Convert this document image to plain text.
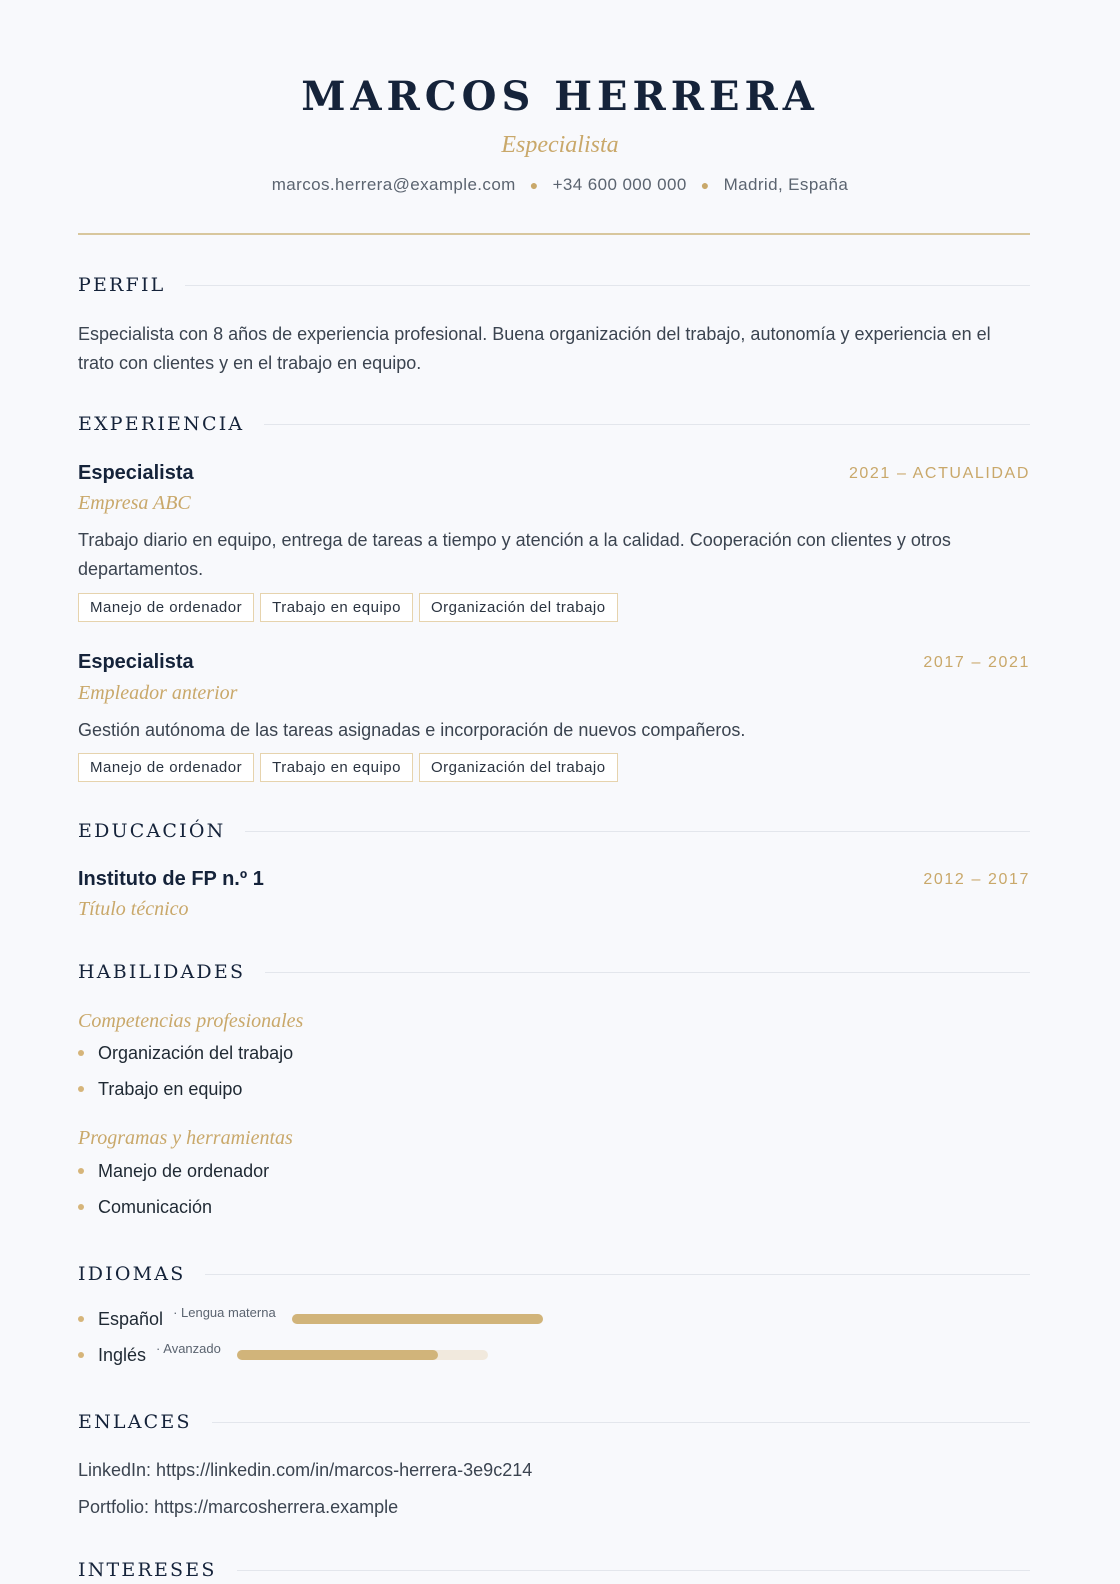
MARCOS HERRERA
Especialista
marcos.herrera@example.com ● +34 600 000 000 ● Madrid, España
PERFIL
Especialista con 8 años de experiencia profesional. Buena organización del trabajo, autonomía y experiencia en el trato con clientes y en el trabajo en equipo.
EXPERIENCIA
Especialista	2021 – ACTUALIDAD
Empresa ABC
Trabajo diario en equipo, entrega de tareas a tiempo y atención a la calidad. Cooperación con clientes y otros departamentos.
Manejo de ordenador	Trabajo en equipo	Organización del trabajo
Especialista	2017 – 2021
Empleador anterior
Gestión autónoma de las tareas asignadas e incorporación de nuevos compañeros.
Manejo de ordenador	Trabajo en equipo	Organización del trabajo
EDUCACIÓN
Instituto de FP n.º 1	2012 – 2017
Título técnico
HABILIDADES
Competencias profesionales
Organización del trabajo
Trabajo en equipo
Programas y herramientas
Manejo de ordenador
Comunicación
IDIOMAS
Español · Lengua materna
Inglés · Avanzado
ENLACES
LinkedIn: https://linkedin.com/in/marcos-herrera-3e9c214
Portfolio: https://marcosherrera.example
INTERESES
